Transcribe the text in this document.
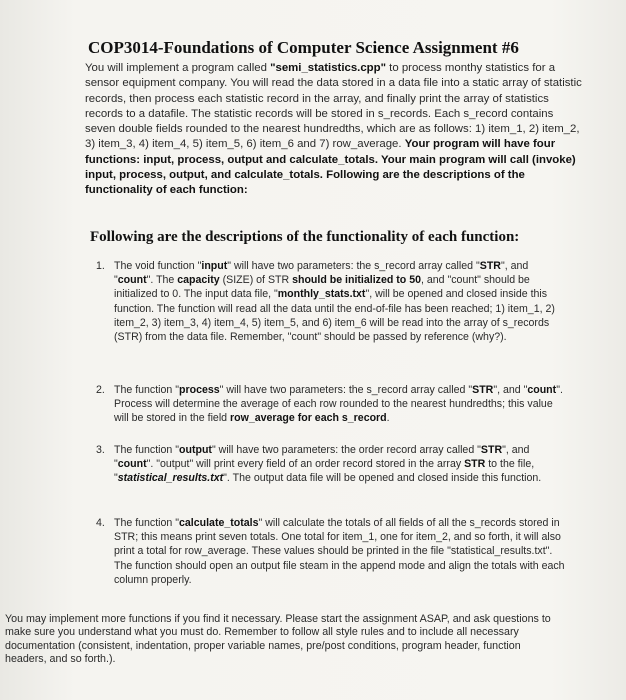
COP3014-Foundations of Computer Science Assignment #6
You will implement a program called "semi_statistics.cpp" to process monthy statistics for a sensor equipment company. You will read the data stored in a data file into a static array of statistic records, then process each statistic record in the array, and finally print the array of statistics records to a datafile. The statistic records will be stored in s_records. Each s_record contains seven double fields rounded to the nearest hundredths, which are as follows: 1) item_1, 2) item_2, 3) item_3, 4) item_4, 5) item_5, 6) item_6 and 7) row_average. Your program will have four functions: input, process, output and calculate_totals. Your main program will call (invoke) input, process, output, and calculate_totals. Following are the descriptions of the functionality of each function:
Following are the descriptions of the functionality of each function:
1. The void function "input" will have two parameters: the s_record array called "STR", and "count". The capacity (SIZE) of STR should be initialized to 50, and "count" should be initialized to 0. The input data file, "monthly_stats.txt", will be opened and closed inside this function. The function will read all the data until the end-of-file has been reached; 1) item_1, 2) item_2, 3) item_3, 4) item_4, 5) item_5, and 6) item_6 will be read into the array of s_records (STR) from the data file. Remember, "count" should be passed by reference (why?).
2. The function "process" will have two parameters: the s_record array called "STR", and "count". Process will determine the average of each row rounded to the nearest hundredths; this value will be stored in the field row_average for each s_record.
3. The function "output" will have two parameters: the order record array called "STR", and "count". "output" will print every field of an order record stored in the array STR to the file, "statistical_results.txt". The output data file will be opened and closed inside this function.
4. The function "calculate_totals" will calculate the totals of all fields of all the s_records stored in STR; this means print seven totals. One total for item_1, one for item_2, and so forth, it will also print a total for row_average. These values should be printed in the file "statistical_results.txt". The function should open an output file steam in the append mode and align the totals with each column properly.
You may implement more functions if you find it necessary. Please start the assignment ASAP, and ask questions to make sure you understand what you must do. Remember to follow all style rules and to include all necessary documentation (consistent, indentation, proper variable names, pre/post conditions, program header, function headers, and so forth.).
